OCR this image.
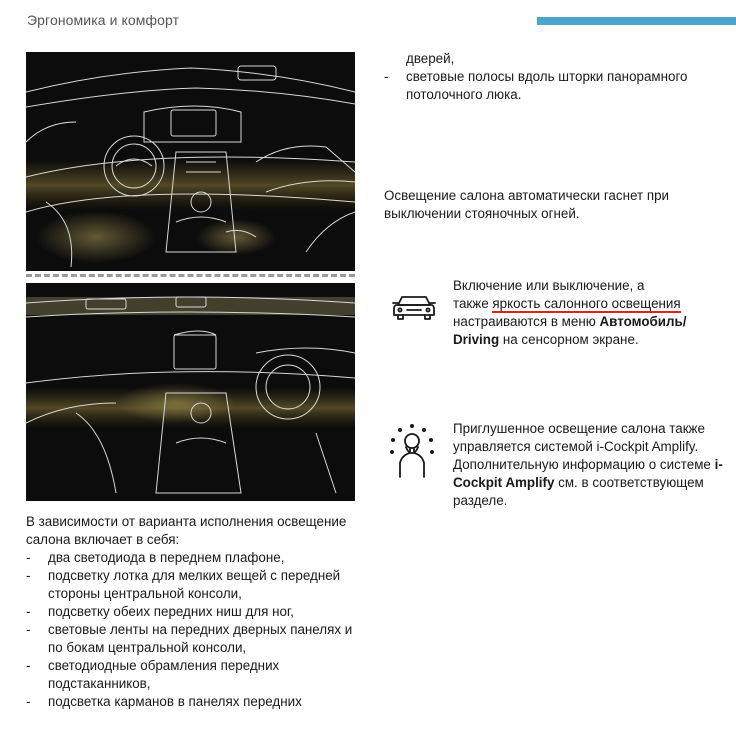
Эргономика и комфорт

В зависимости от варианта исполнения освещение салона включает в себя:

- два светодиода в переднем плафоне,
- подсветку лотка для мелких вещей с передней стороны центральной консоли,
- подсветку обеих передних ниш для ног,
- световые ленты на передних дверных панелях и по бокам центральной консоли,
- светодиодные обрамления передних подстаканников,
- подсветка карманов в панелях передних
дверей,
- световые полосы вдоль шторки панорамного потолочного люка.
Освещение салона автоматически гаснет при выключении стояночных огней.
Включение или выключение, а
также яркость салонного освещения
настраиваются в меню Автомобиль/ Driving на сенсорном экране.
Приглушенное освещение салона также управляется системой i-Cockpit Amplify.
Дополнительную информацию о системе i-Cockpit Amplify см. в соответствующем разделе.
